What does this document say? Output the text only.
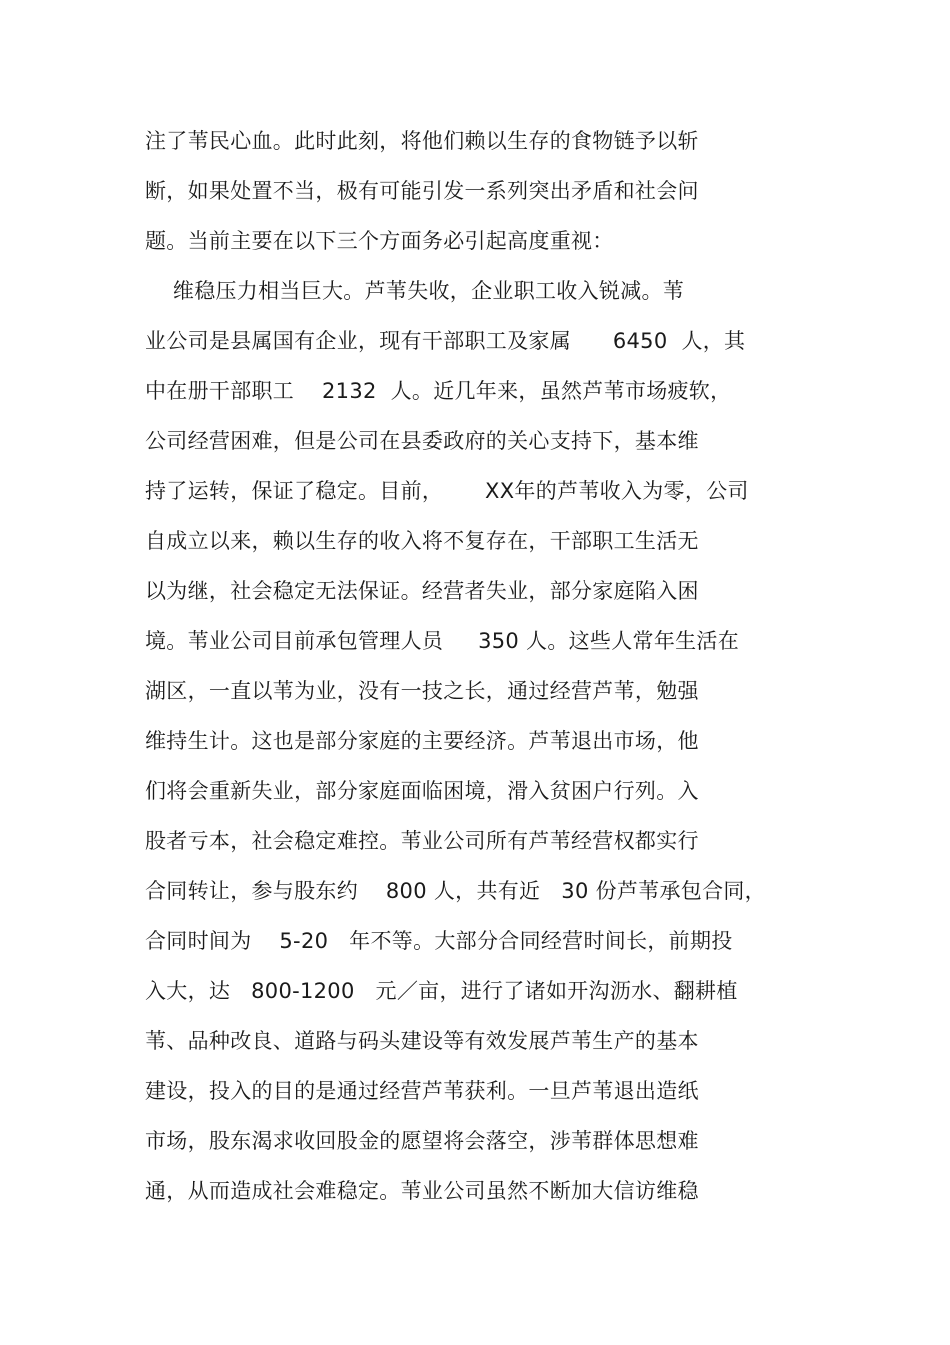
注了苇民心血。此时此刻，将他们赖以生存的食物链予以斩
断，如果处置不当，极有可能引发一系列突出矛盾和社会问
题。当前主要在以下三个方面务必引起高度重视：
维稳压力相当巨大。芦苇失收，企业职工收入锐减。苇
业公司是县属国有企业，现有干部职工及家属      6450  人，其
中在册干部职工    2132  人。近几年来，虽然芦苇市场疲软，
公司经营困难，但是公司在县委政府的关心支持下，基本维
持了运转，保证了稳定。目前，      XX年的芦苇收入为零，公司
自成立以来，赖以生存的收入将不复存在，干部职工生活无
以为继，社会稳定无法保证。经营者失业，部分家庭陷入困
境。苇业公司目前承包管理人员     350 人。这些人常年生活在
湖区，一直以苇为业，没有一技之长，通过经营芦苇，勉强
维持生计。这也是部分家庭的主要经济。芦苇退出市场，他
们将会重新失业，部分家庭面临困境，滑入贫困户行列。入
股者亏本，社会稳定难控。苇业公司所有芦苇经营权都实行
合同转让，参与股东约    800 人，共有近   30 份芦苇承包合同，
合同时间为    5-20   年不等。大部分合同经营时间长，前期投
入大，达   800-1200   元／亩，进行了诸如开沟沥水、翻耕植
苇、品种改良、道路与码头建设等有效发展芦苇生产的基本
建设，投入的目的是通过经营芦苇获利。一旦芦苇退出造纸
市场，股东渴求收回股金的愿望将会落空，涉苇群体思想难
通，从而造成社会难稳定。苇业公司虽然不断加大信访维稳
